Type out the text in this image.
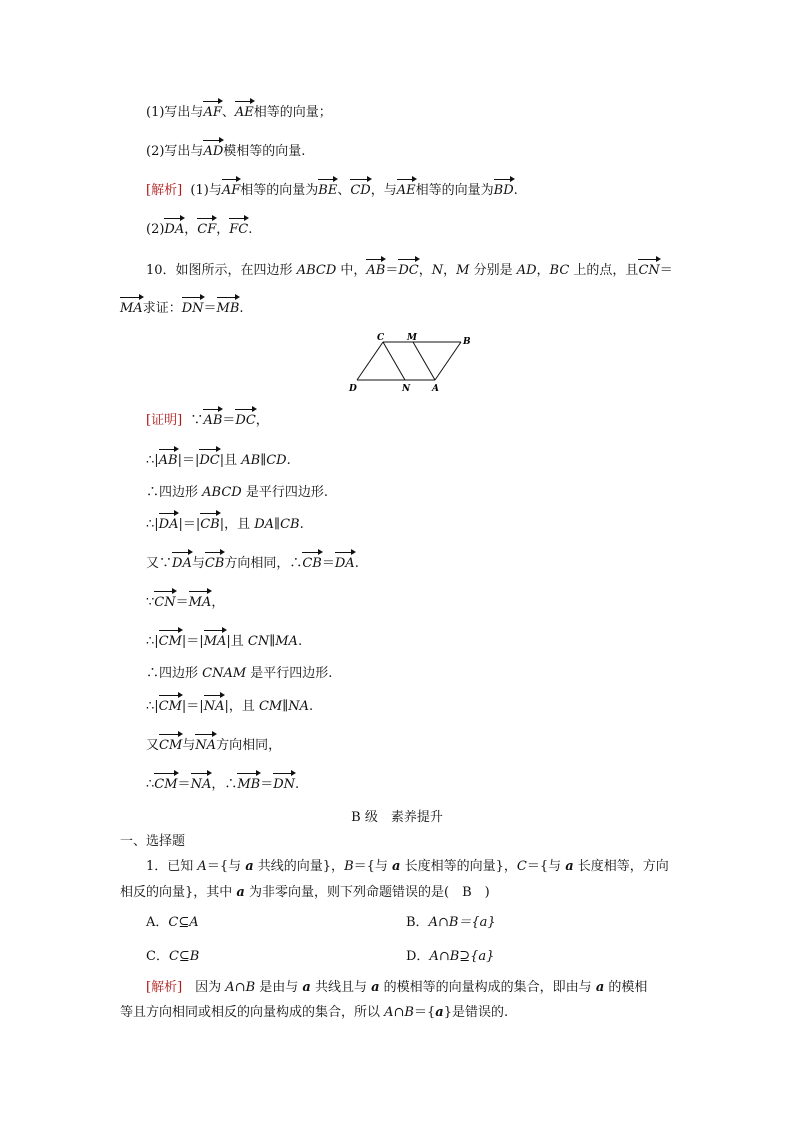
(1)写出与AF、AE相等的向量；
(2)写出与AD模相等的向量.
[解析] (1)与AF相等的向量为BE、CD，与AE相等的向量为BD.
(2)DA，CF，FC.
10．如图所示，在四边形 ABCD 中，AB＝DC，N，M 分别是 AD，BC 上的点，且CN＝
MA求证：DN＝MB.
C	M	B
D	N A
[证明] ∵AB＝DC，
∴|AB|＝|DC|且 AB∥CD.
∴四边形 ABCD 是平行四边形.
∴|DA|＝|CB|，且 DA∥CB.
又∵DA与CB方向相同，∴CB＝DA.
∵CN＝MA，
∴|CM|＝|MA|且 CN∥MA.
∴四边形 CNAM 是平行四边形.
∴|CM|＝|NA|，且 CM∥NA.
又CM与NA方向相同，
∴CM＝NA，∴MB＝DN.
B 级　素养提升
一、选择题
1．已知 A＝{与 a 共线的向量}，B＝{与 a 长度相等的向量}，C＝{与 a 长度相等，方向
相反的向量}，其中 a 为非零向量，则下列命题错误的是(　B　)
A．C⊆A	B．A∩B＝{a}
C．C⊆B	D．A∩B⊇{a}
[解析]　因为 A∩B 是由与 a 共线且与 a 的模相等的向量构成的集合，即由与 a 的模相
等且方向相同或相反的向量构成的集合，所以 A∩B＝{a}是错误的.
